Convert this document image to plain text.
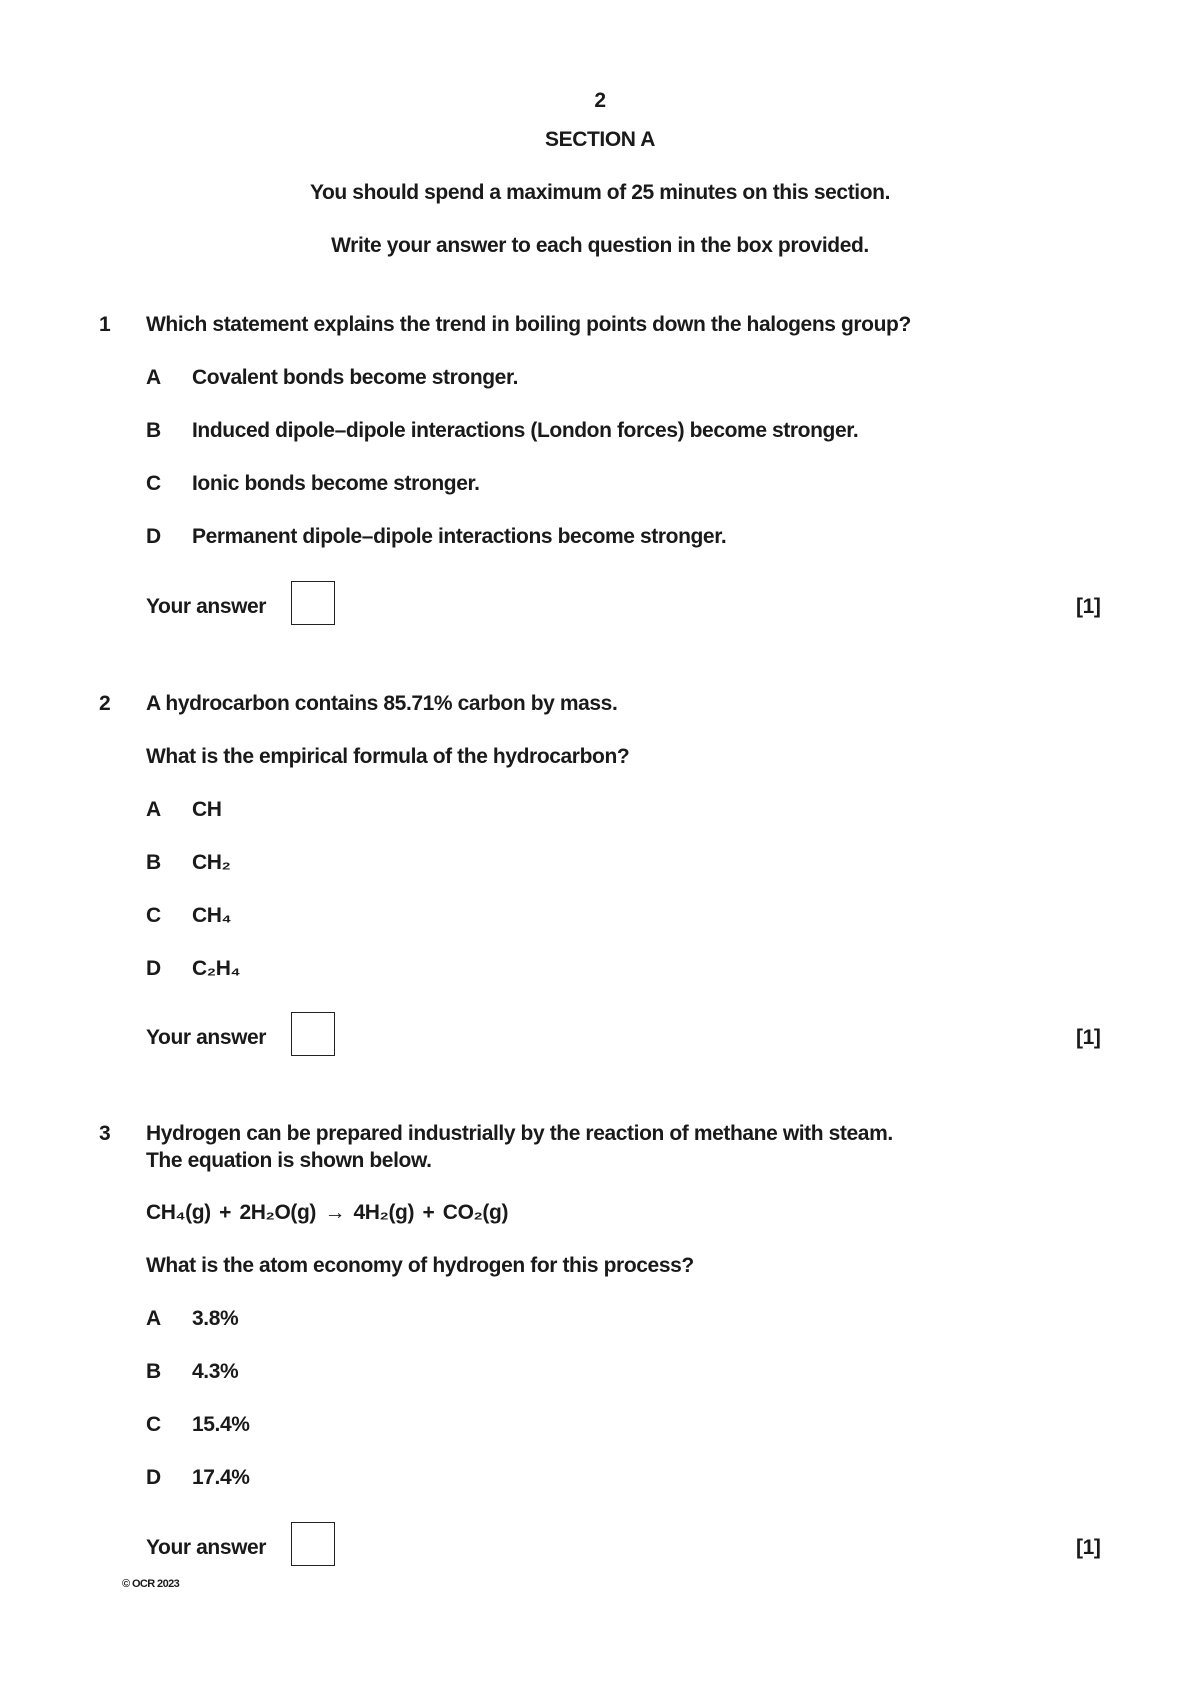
2
SECTION A
You should spend a maximum of 25 minutes on this section.
Write your answer to each question in the box provided.
1 Which statement explains the trend in boiling points down the halogens group?
A Covalent bonds become stronger.
B Induced dipole–dipole interactions (London forces) become stronger.
C Ionic bonds become stronger.
D Permanent dipole–dipole interactions become stronger.
Your answer	[1]
2 A hydrocarbon contains 85.71% carbon by mass.
What is the empirical formula of the hydrocarbon?
A CH
B CH₂
C CH₄
D C₂H₄
Your answer	[1]
3 Hydrogen can be prepared industrially by the reaction of methane with steam.
The equation is shown below.
CH₄(g) + 2H₂O(g) → 4H₂(g) + CO₂(g)
What is the atom economy of hydrogen for this process?
A 3.8%
B 4.3%
C 15.4%
D 17.4%
Your answer	[1]
© OCR 2023
